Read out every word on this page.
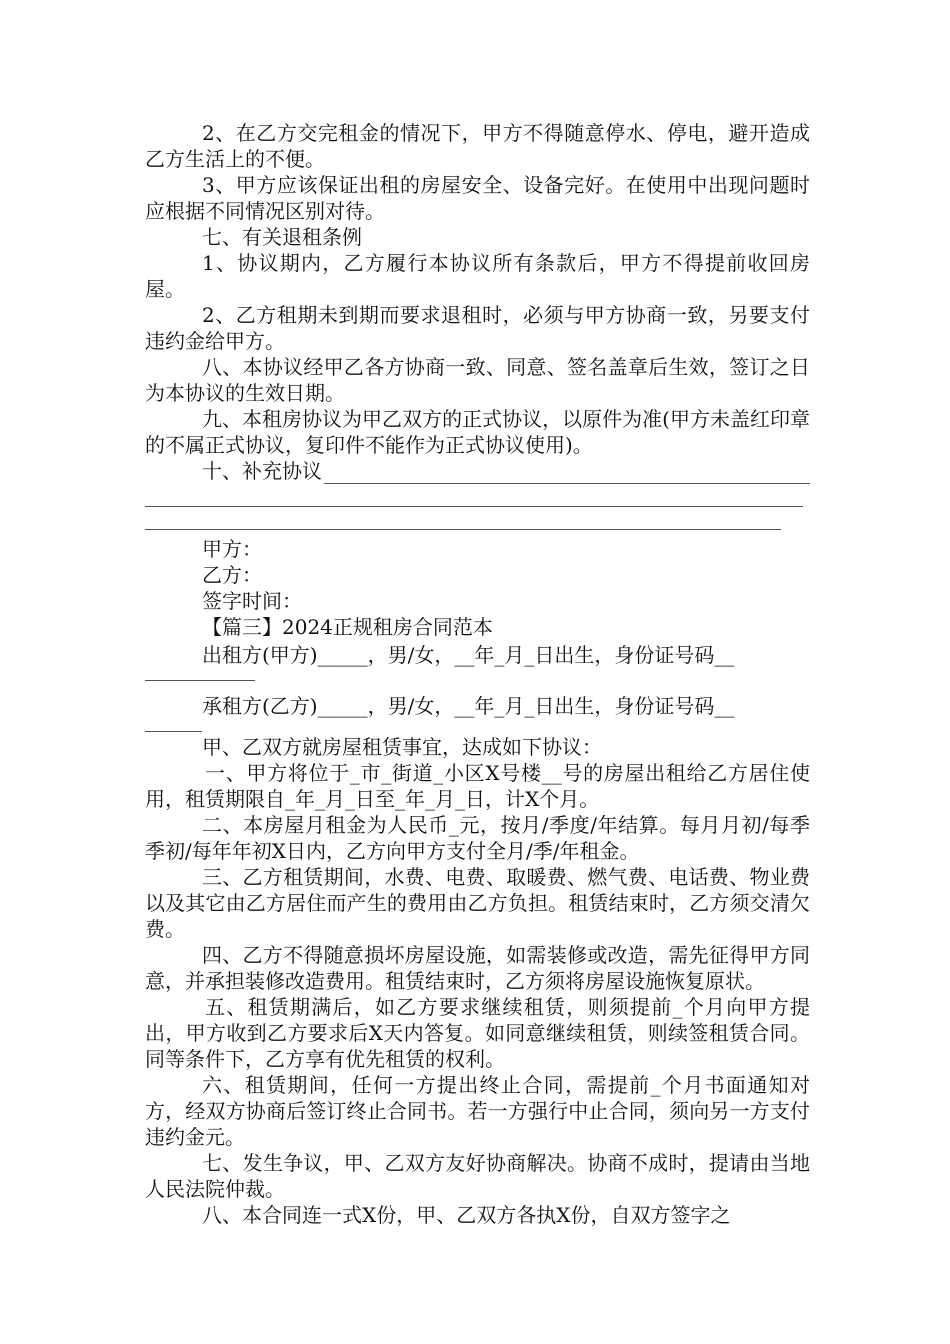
2、在乙方交完租金的情况下，甲方不得随意停水、停电，避开造成乙方生活上的不便。

3、甲方应该保证出租的房屋安全、设备完好。在使用中出现问题时应根据不同情况区别对待。

七、有关退租条例

1、协议期内，乙方履行本协议所有条款后，甲方不得提前收回房屋。

2、乙方租期未到期而要求退租时，必须与甲方协商一致，另要支付违约金给甲方。

八、本协议经甲乙各方协商一致、同意、签名盖章后生效，签订之日为本协议的生效日期。

九、本租房协议为甲乙双方的正式协议，以原件为准(甲方未盖红印章的不属正式协议，复印件不能作为正式协议使用)。

十、补充协议

甲方：

乙方：

签字时间：

【篇三】2024正规租房合同范本

出租方(甲方)_____，男/女，__年_月_日出生，身份证号码__

承租方(乙方)_____，男/女，__年_月_日出生，身份证号码__

甲、乙双方就房屋租赁事宜，达成如下协议：

一、甲方将位于_市_街道_小区X号楼__号的房屋出租给乙方居住使用，租赁期限自_年_月_日至_年_月_日，计X个月。

二、本房屋月租金为人民币_元，按月/季度/年结算。每月月初/每季季初/每年年初X日内，乙方向甲方支付全月/季/年租金。

三、乙方租赁期间，水费、电费、取暖费、燃气费、电话费、物业费以及其它由乙方居住而产生的费用由乙方负担。租赁结束时，乙方须交清欠费。

四、乙方不得随意损坏房屋设施，如需装修或改造，需先征得甲方同意，并承担装修改造费用。租赁结束时，乙方须将房屋设施恢复原状。

五、租赁期满后，如乙方要求继续租赁，则须提前_个月向甲方提出，甲方收到乙方要求后X天内答复。如同意继续租赁，则续签租赁合同。同等条件下，乙方享有优先租赁的权利。

六、租赁期间，任何一方提出终止合同，需提前_个月书面通知对方，经双方协商后签订终止合同书。若一方强行中止合同，须向另一方支付违约金元。

七、发生争议，甲、乙双方友好协商解决。协商不成时，提请由当地人民法院仲裁。

八、本合同连一式X份，甲、乙双方各执X份，自双方签字之
